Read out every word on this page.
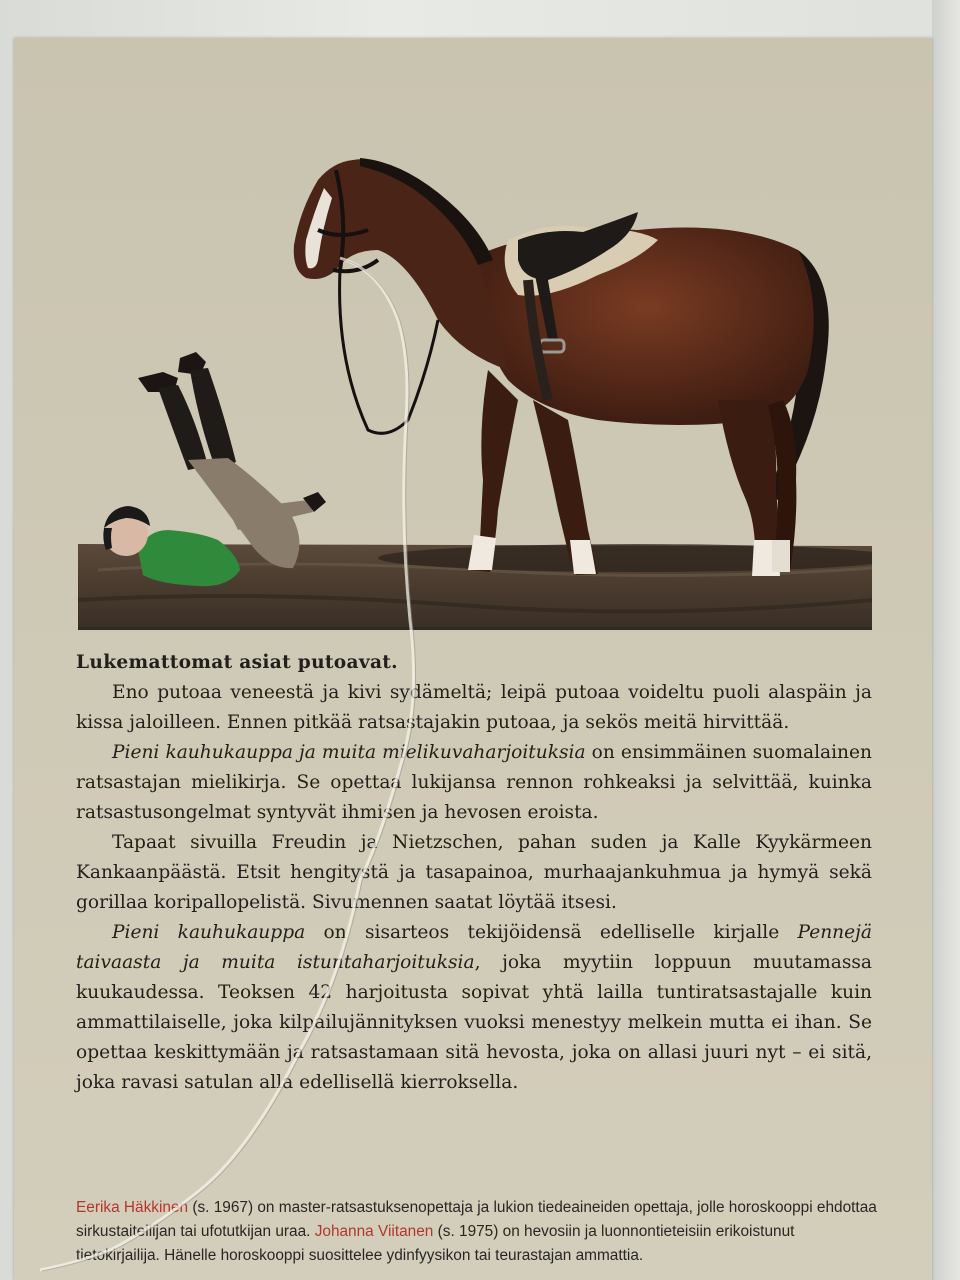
Lukemattomat asiat putoavat.

Eno putoaa veneestä ja kivi sydämeltä; leipä putoaa voideltu puoli alaspäin ja kissa jaloilleen. Ennen pitkää ratsastajakin putoaa, ja sekös meitä hirvittää.

Pieni kauhukauppa ja muita mielikuvaharjoituksia on ensimmäinen suomalainen ratsastajan mielikirja. Se opettaa lukijansa rennon rohkeaksi ja selvittää, kuinka ratsastusongelmat syntyvät ihmisen ja hevosen eroista.

Tapaat sivuilla Freudin ja Nietzschen, pahan suden ja Kalle Kyykärmeen Kankaanpäästä. Etsit hengitystä ja tasapainoa, murhaajankuhmua ja hymyä sekä gorillaa koripallopelistä. Sivumennen saatat löytää itsesi.

Pieni kauhukauppa on sisarteos tekijöidensä edelliselle kirjalle Pennejä taivaasta ja muita istuntaharjoituksia, joka myytiin loppuun muutamassa kuukaudessa. Teoksen 42 harjoitusta sopivat yhtä lailla tuntiratsastajalle kuin ammattilaiselle, joka kilpailujännityksen vuoksi menestyy melkein mutta ei ihan. Se opettaa keskittymään ja ratsastamaan sitä hevosta, joka on allasi juuri nyt – ei sitä, joka ravasi satulan alla edellisellä kierroksella.

Eerika Häkkinen (s. 1967) on master-ratsastuksenopettaja ja lukion tiedeaineiden opettaja, jolle horoskooppi ehdottaa sirkustaiteilijan tai ufotutkijan uraa. Johanna Viitanen (s. 1975) on hevosiin ja luonnontieteisiin erikoistunut tietokirjailija. Hänelle horoskooppi suosittelee ydinfyysikon tai teurastajan ammattia.
